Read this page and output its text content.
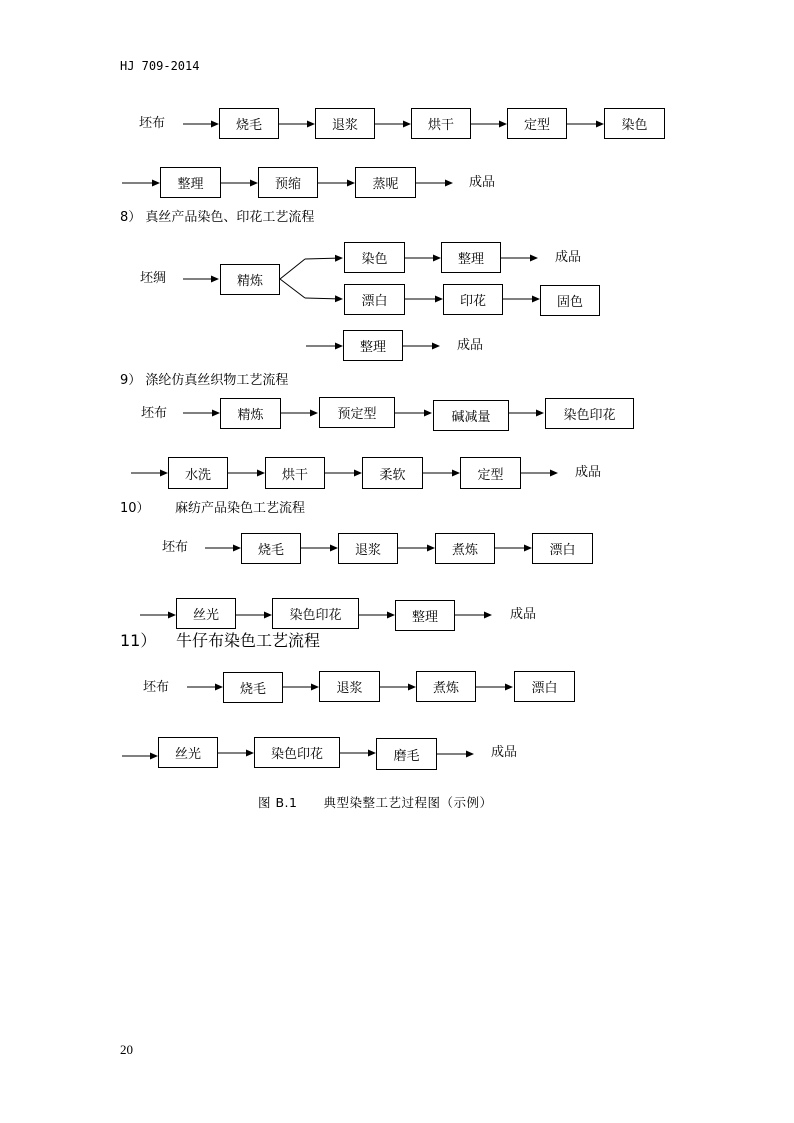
HJ 709-2014
坯布	烧毛	退浆	烘干	定型	染色
整理	预缩	蒸呢	成品
8） 真丝产品染色、印花工艺流程
坯绸	精炼
染色	整理	成品
漂白	印花	固色
整理	成品
9） 涤纶仿真丝织物工艺流程
坯布	精炼	预定型	碱减量	染色印花
水洗	烘干	柔软	定型	成品
10） 麻纺产品染色工艺流程
坯布	烧毛	退浆	煮炼	漂白
丝光	染色印花	整理	成品
11） 牛仔布染色工艺流程
坯布	烧毛	退浆	煮炼	漂白
丝光	染色印花	磨毛	成品
图 B.1　　典型染整工艺过程图（示例）
20
